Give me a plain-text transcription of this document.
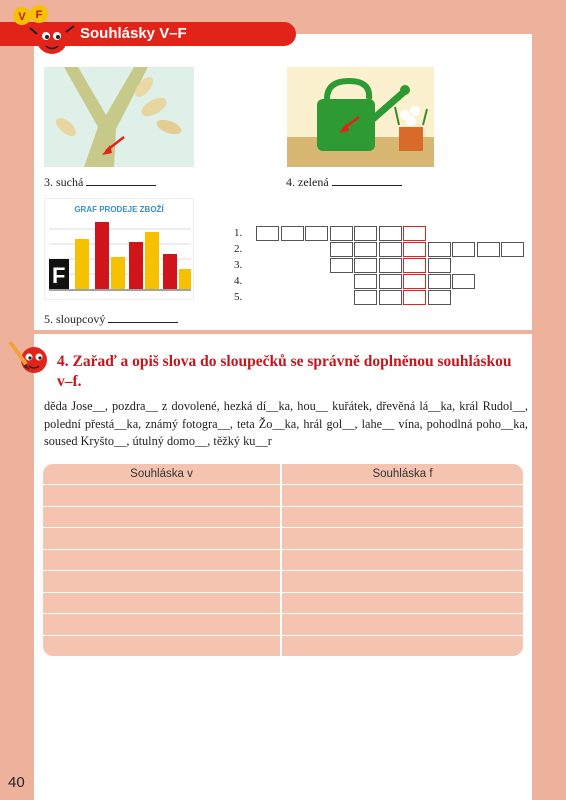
Souhlásky V–F
V F
3. suchá	4. zelená
GRAF PRODEJE ZBOŽÍ
F
5. sloupcový
1.
2.
3.
4.
5.
4. Zařaď a opiš slova do sloupečků se správně doplněnou souhláskou v–f.
děda Jose__, pozdra__ z dovolené, hezká dí__ka, hou__ kuřátek, dřevěná lá__ka, král Rudol__, polední přestá__ka, známý fotogra__, teta Žo__ka, hrál gol__, lahe__ vína, pohodlná poho__ka, soused Kryšto__, útulný domo__, těžký ku__r
Souhláska v	Souhláska f
40
